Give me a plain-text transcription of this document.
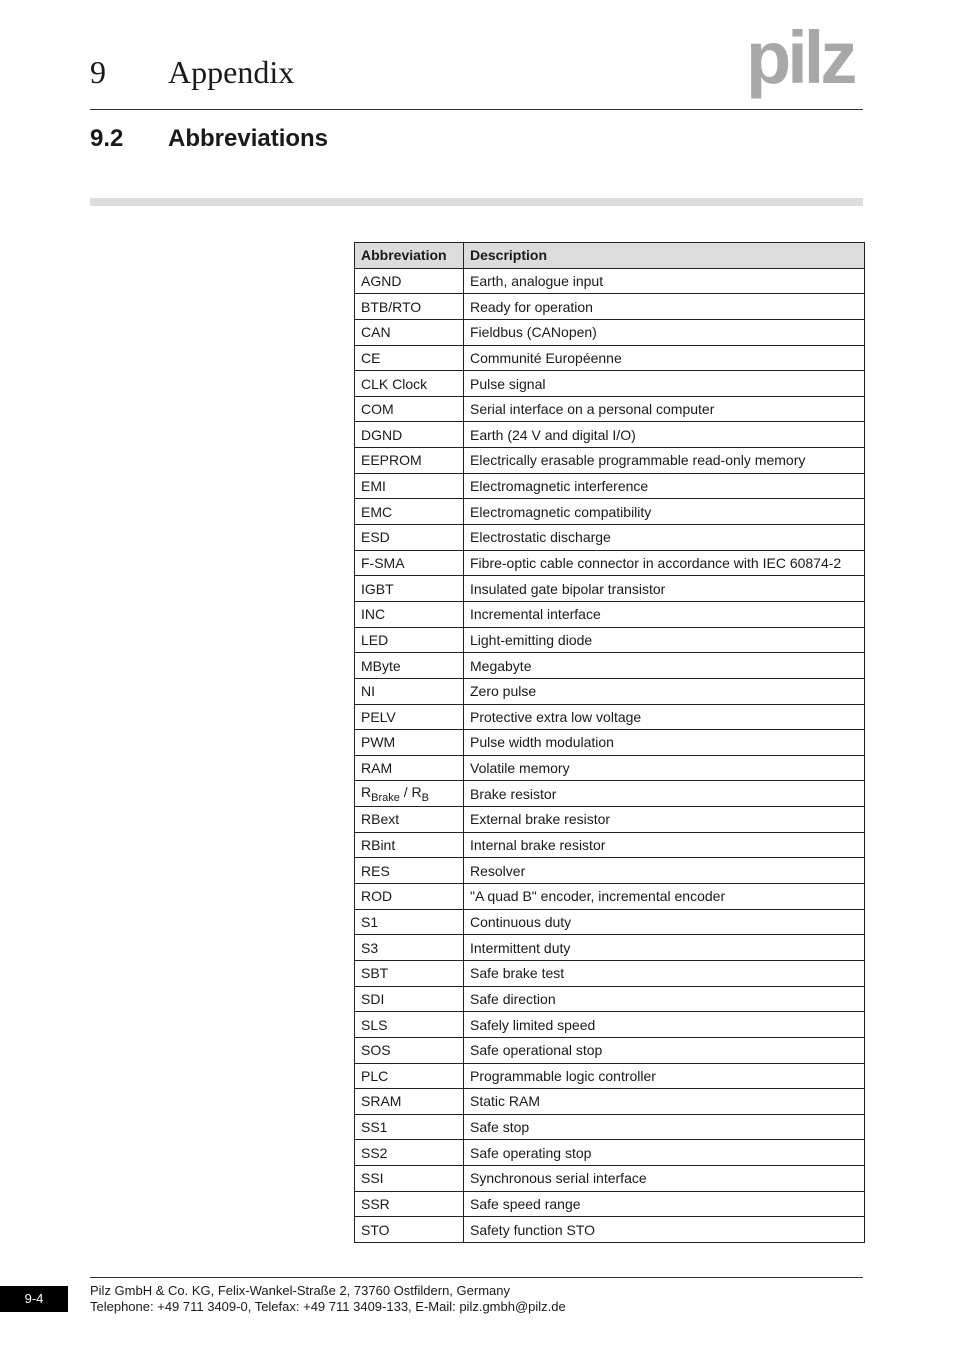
9 Appendix	pilz
9.2 Abbreviations
Abbreviation	Description
AGND	Earth, analogue input
BTB/RTO	Ready for operation
CAN	Fieldbus (CANopen)
CE	Communité Européenne
CLK Clock	Pulse signal
COM	Serial interface on a personal computer
DGND	Earth (24 V and digital I/O)
EEPROM	Electrically erasable programmable read-only memory
EMI	Electromagnetic interference
EMC	Electromagnetic compatibility
ESD	Electrostatic discharge
F-SMA	Fibre-optic cable connector in accordance with IEC 60874-2
IGBT	Insulated gate bipolar transistor
INC	Incremental interface
LED	Light-emitting diode
MByte	Megabyte
NI	Zero pulse
PELV	Protective extra low voltage
PWM	Pulse width modulation
RAM	Volatile memory
$R_{Brake} / R_B$	Brake resistor
RBext	External brake resistor
RBint	Internal brake resistor
RES	Resolver
ROD	"A quad B" encoder, incremental encoder
S1	Continuous duty
S3	Intermittent duty
SBT	Safe brake test
SDI	Safe direction
SLS	Safely limited speed
SOS	Safe operational stop
PLC	Programmable logic controller
SRAM	Static RAM
SS1	Safe stop
SS2	Safe operating stop
SSI	Synchronous serial interface
SSR	Safe speed range
STO	Safety function STO
9-4
Pilz GmbH & Co. KG, Felix-Wankel-Straße 2, 73760 Ostfildern, Germany
Telephone: +49 711 3409-0, Telefax: +49 711 3409-133, E-Mail: pilz.gmbh@pilz.de
